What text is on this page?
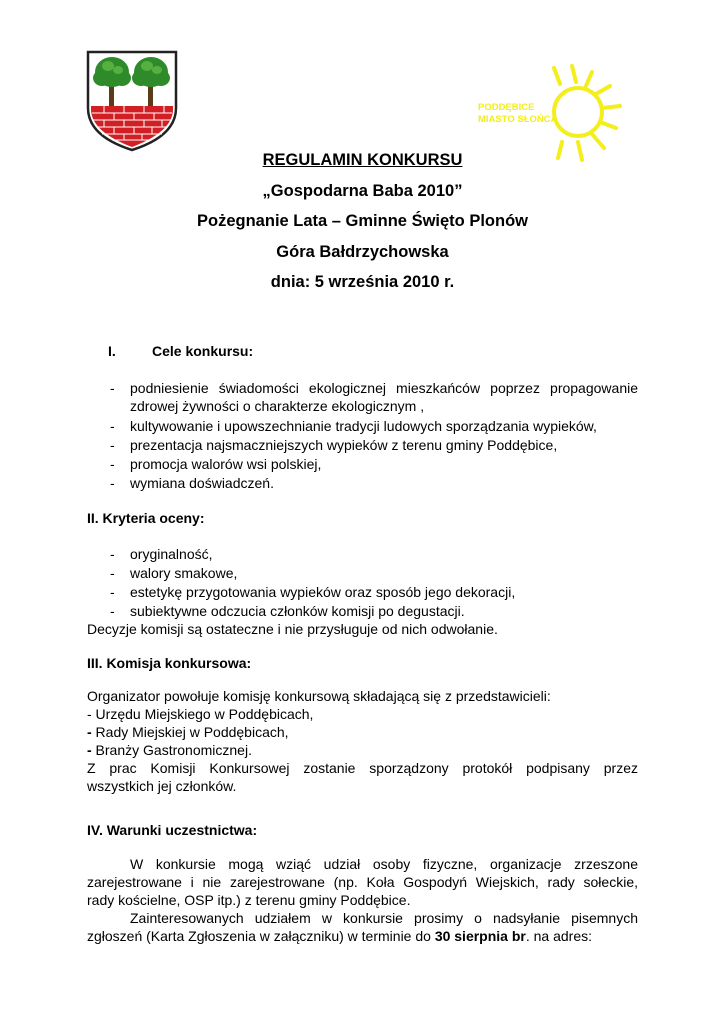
PODDĘBICE
MIASTO SŁOŃCA
REGULAMIN KONKURSU
„Gospodarna Baba 2010”
Pożegnanie Lata – Gminne Święto Plonów
Góra Bałdrzychowska
dnia: 5 września 2010 r.
I.	Cele konkursu:
- podniesienie świadomości ekologicznej mieszkańców poprzez propagowanie
zdrowej żywności o charakterze ekologicznym ,
- kultywowanie i upowszechnianie tradycji ludowych sporządzania wypieków,
- prezentacja najsmaczniejszych wypieków z terenu gminy Poddębice,
- promocja walorów wsi polskiej,
- wymiana doświadczeń.
II. Kryteria oceny:
- oryginalność,
- walory smakowe,
- estetykę przygotowania wypieków oraz sposób jego dekoracji,
- subiektywne odczucia członków komisji po degustacji.
Decyzje komisji są ostateczne i nie przysługuje od nich odwołanie.
III. Komisja konkursowa:
Organizator powołuje komisję konkursową składającą się z przedstawicieli:
- Urzędu Miejskiego w Poddębicach,
- Rady Miejskiej w Poddębicach,
- Branży Gastronomicznej.
Z prac Komisji Konkursowej zostanie sporządzony protokół podpisany przez
wszystkich jej członków.
IV. Warunki uczestnictwa:
W konkursie mogą wziąć udział osoby fizyczne, organizacje zrzeszone
zarejestrowane i nie zarejestrowane (np. Koła Gospodyń Wiejskich, rady sołeckie,
rady kościelne, OSP itp.) z terenu gminy Poddębice.
Zainteresowanych udziałem w konkursie prosimy o nadsyłanie pisemnych
zgłoszeń (Karta Zgłoszenia w załączniku) w terminie do 30 sierpnia br. na adres:
